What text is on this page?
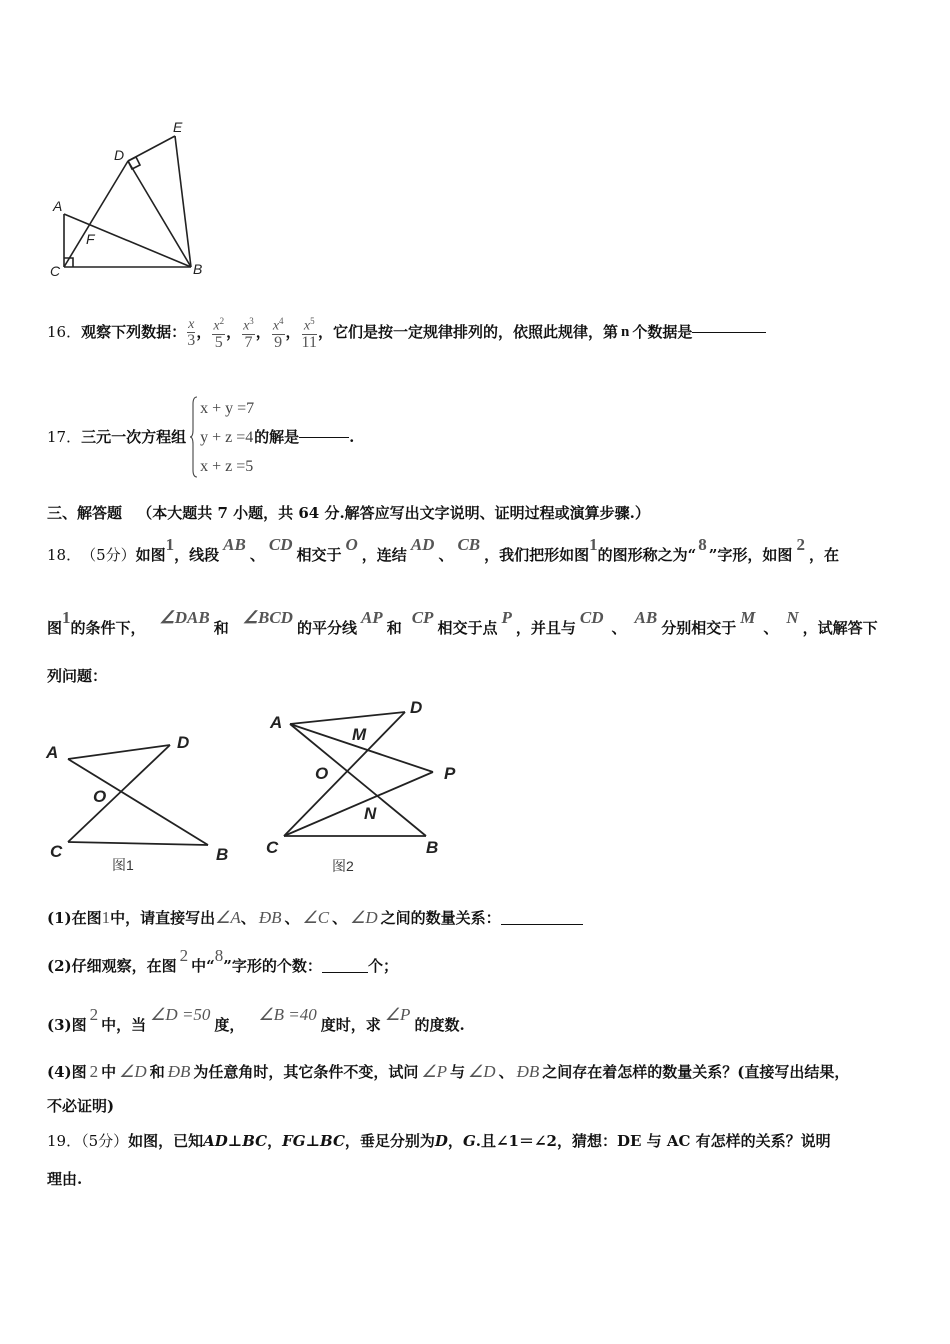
E
D
A
F
C	B
16． 观察下列数据： $\frac{x}{3}$ ， $\frac{x^2}{5}$ ， $\frac{x^3}{7}$ ， $\frac{x^4}{9}$ ， $\frac{x^5}{11}$ ，它们是按一定规律排列的，依照此规律，第 n 个数据是
17． 三元一次方程组
x + y =7
y + z =4
x + z =5
的解是	.
三、解答题 （本大题共 7 小题，共 64 分.解答应写出文字说明、证明过程或演算步骤.）
18． （5分） 如图
1
，线段
AB
、
CD
相交于
O
，连结
AD
、
CB
，我们把形如图
1
的图形称之为“
8
”字形，如图
2
，在
图
1
的条件下，
∠DAB
和
∠BCD
的平分线
AP
和
CP
相交于点
P
，并且与
CD
、
AB
分别相交于
M
、
N
，试解答下
列问题：
A
D
O
C	B
图1
A
D
M
O	P
N
C	B
图2
(1) 在图 1 中，请直接写出 ∠A 、 ÐB 、 ∠C 、 ∠D 之间的数量关系：
(2) 仔细观察，在图
2
中“
8
”字形的个数：	个；
(3) 图
2
中，当
∠D =50
度，
∠B =40
度时，求
∠P
的度数.
(4) 图 2 中 ∠D 和 ÐB 为任意角时，其它条件不变，试问 ∠P 与 ∠D 、 ÐB 之间存在着怎样的数量关系？(直接写出结果，
不必证明)
19．（5分）如图，已知AD⊥BC，FG⊥BC，垂足分别为D，G.且∠1＝∠2，猜想：DE 与 AC 有怎样的关系？说明
理由.
